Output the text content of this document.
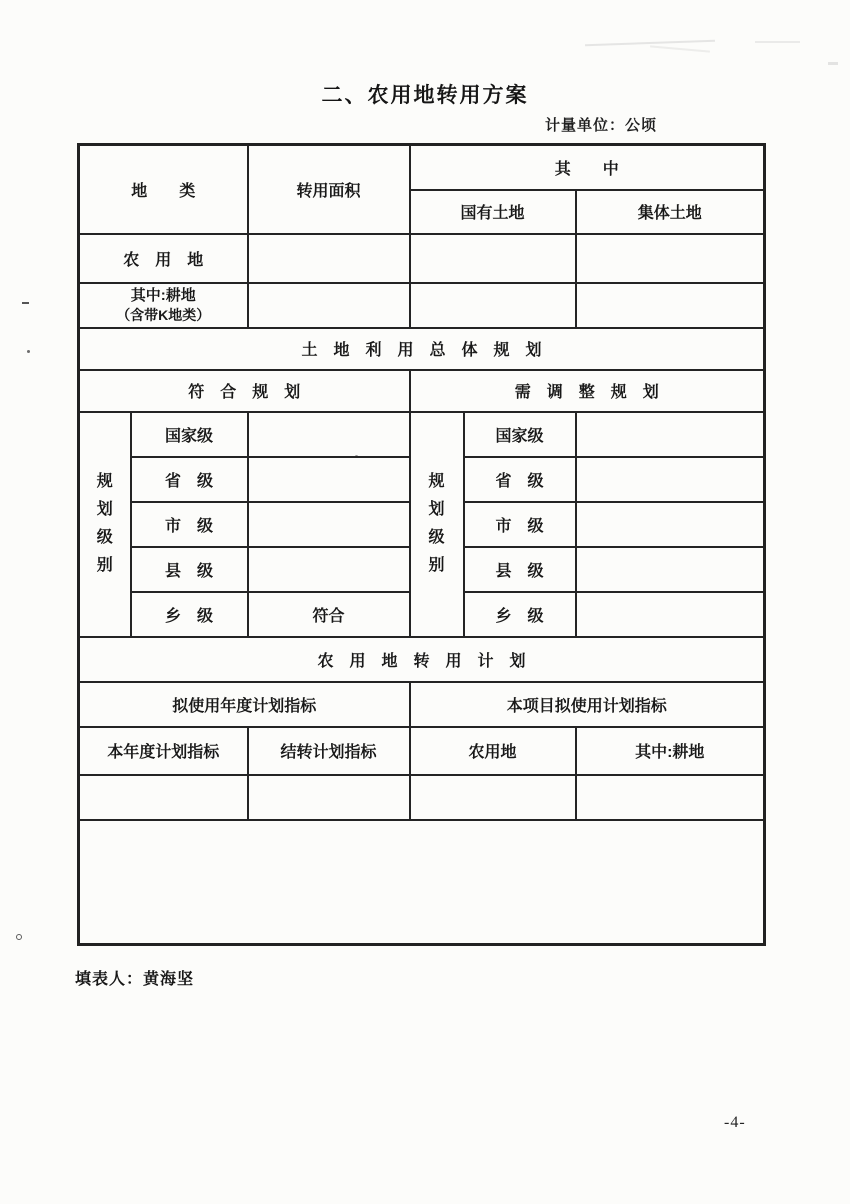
二、农用地转用方案
计量单位：公顷
地　　类		转用面积	其　　中		
			国有土地		集体土地
农　用　地					

其中:耕地
（含带K地类）					

土　地　利　用　总　体　规　划					
符　合　规　划			需　调　整　规　划		

规划级别	国家级		规划级别	国家级	
	省　级			省　级	
	市　级			市　级	
	县　级			县　级	
	乡　级	符合		乡　级	
农　用　地　转　用　计　划					
拟使用年度计划指标			本项目拟使用计划指标		
本年度计划指标		结转计划指标	农用地		其中:耕地

填表人：黄海坚
-4-
